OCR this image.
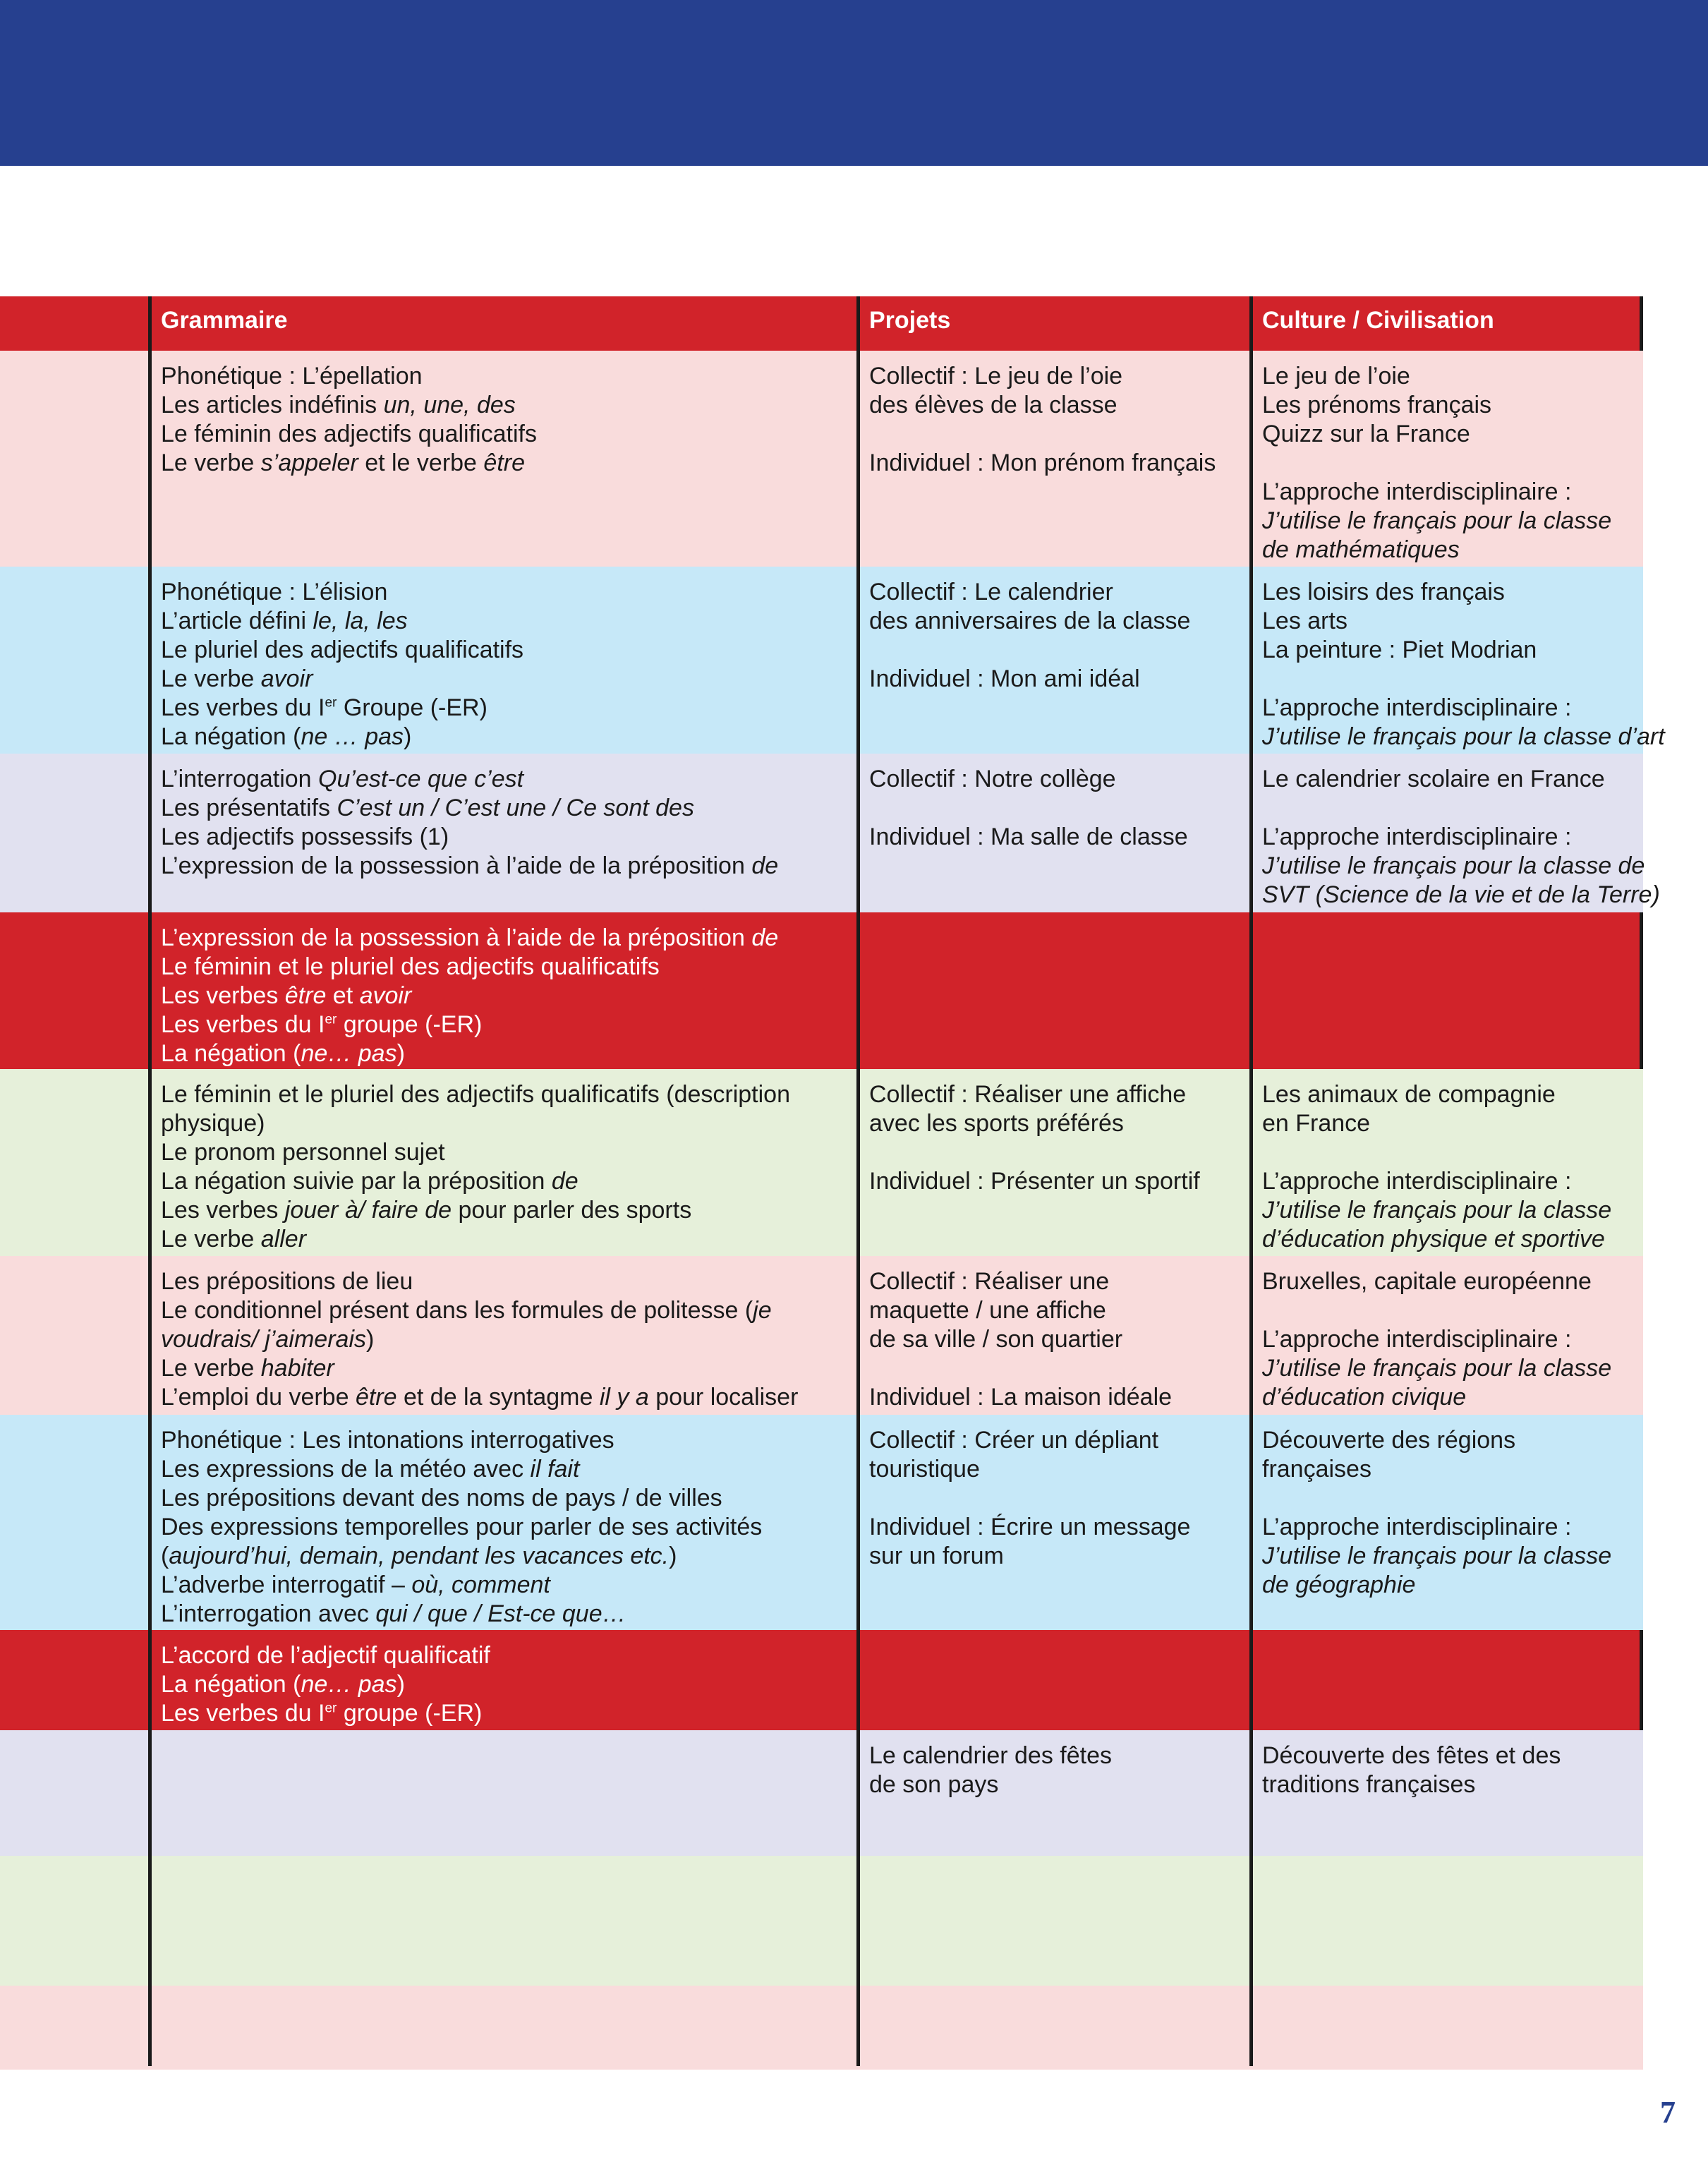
Grammaire	Projets	Culture / Civilisation
Phonétique : L’épellation
Les articles indéfinis un, une, des
Le féminin des adjectifs qualificatifs
Le verbe s’appeler et le verbe être
Collectif : Le jeu de l’oie
des élèves de la classe
Individuel : Mon prénom français
Le jeu de l’oie
Les prénoms français
Quizz sur la France
L’approche interdisciplinaire :
J’utilise le français pour la classe
de mathématiques
Phonétique : L’élision
L’article défini le, la, les
Le pluriel des adjectifs qualificatifs
Le verbe avoir
Les verbes du Ier Groupe (-ER)
La négation (ne … pas)
Collectif : Le calendrier
des anniversaires de la classe
Individuel : Mon ami idéal
Les loisirs des français
Les arts
La peinture : Piet Modrian
L’approche interdisciplinaire :
J’utilise le français pour la classe d’art
L’interrogation Qu’est-ce que c’est
Les présentatifs C’est un / C’est une / Ce sont des
Les adjectifs possessifs (1)
L’expression de la possession à l’aide de la préposition de
Collectif : Notre collège
Individuel : Ma salle de classe
Le calendrier scolaire en France
L’approche interdisciplinaire :
J’utilise le français pour la classe de
SVT (Science de la vie et de la Terre)
L’expression de la possession à l’aide de la préposition de
Le féminin et le pluriel des adjectifs qualificatifs
Les verbes être et avoir
Les verbes du Ier groupe (-ER)
La négation (ne… pas)
Le féminin et le pluriel des adjectifs qualificatifs (description
physique)
Le pronom personnel sujet
La négation suivie par la préposition de
Les verbes jouer à/ faire de pour parler des sports
Le verbe aller
Collectif : Réaliser une affiche
avec les sports préférés
Individuel : Présenter un sportif
Les animaux de compagnie
en France
L’approche interdisciplinaire :
J’utilise le français pour la classe
d’éducation physique et sportive
Les prépositions de lieu
Le conditionnel présent dans les formules de politesse (je
voudrais/ j’aimerais)
Le verbe habiter
L’emploi du verbe être et de la syntagme il y a pour localiser
Collectif : Réaliser une
maquette / une affiche
de sa ville / son quartier
Individuel : La maison idéale
Bruxelles, capitale européenne
L’approche interdisciplinaire :
J’utilise le français pour la classe
d’éducation civique
Phonétique : Les intonations interrogatives
Les expressions de la météo avec il fait
Les prépositions devant des noms de pays / de villes
Des expressions temporelles pour parler de ses activités
(aujourd’hui, demain, pendant les vacances etc.)
L’adverbe interrogatif – où, comment
L’interrogation avec qui / que / Est-ce que…
Collectif : Créer un dépliant
touristique
Individuel : Écrire un message
sur un forum
Découverte des régions
françaises
L’approche interdisciplinaire :
J’utilise le français pour la classe
de géographie
L’accord de l’adjectif qualificatif
La négation (ne… pas)
Les verbes du Ier groupe (-ER)
Le calendrier des fêtes
de son pays
Découverte des fêtes et des
traditions françaises
7
